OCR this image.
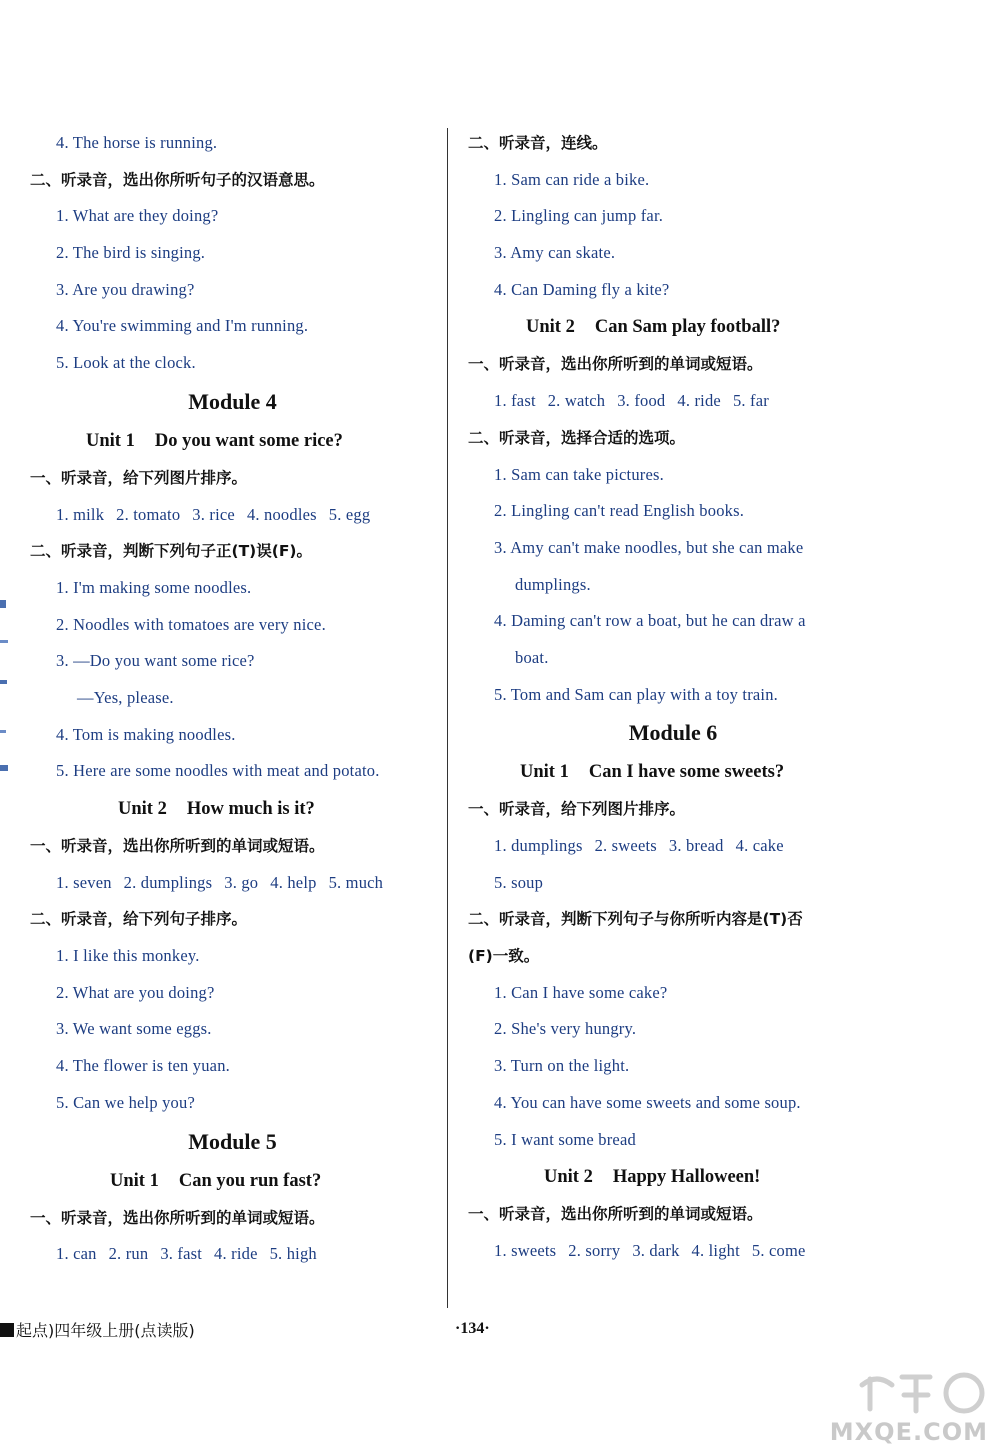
4. The horse is running.
二、听录音，选出你所听句子的汉语意思。
1. What are they doing?
2. The bird is singing.
3. Are you drawing?
4. You're swimming and I'm running.
5. Look at the clock.
Module 4
Unit 1 Do you want some rice?
一、听录音，给下列图片排序。
1. milk 2. tomato 3. rice 4. noodles 5. egg
二、听录音，判断下列句子正(T)误(F)。
1. I'm making some noodles.
2. Noodles with tomatoes are very nice.
3. —Do you want some rice?
—Yes, please.
4. Tom is making noodles.
5. Here are some noodles with meat and potato.
Unit 2 How much is it?
一、听录音，选出你所听到的单词或短语。
1. seven 2. dumplings 3. go 4. help 5. much
二、听录音，给下列句子排序。
1. I like this monkey.
2. What are you doing?
3. We want some eggs.
4. The flower is ten yuan.
5. Can we help you?
Module 5
Unit 1 Can you run fast?
一、听录音，选出你所听到的单词或短语。
1. can 2. run 3. fast 4. ride 5. high
二、听录音，连线。
1. Sam can ride a bike.
2. Lingling can jump far.
3. Amy can skate.
4. Can Daming fly a kite?
Unit 2 Can Sam play football?
一、听录音，选出你所听到的单词或短语。
1. fast 2. watch 3. food 4. ride 5. far
二、听录音，选择合适的选项。
1. Sam can take pictures.
2. Lingling can't read English books.
3. Amy can't make noodles, but she can make
dumplings.
4. Daming can't row a boat, but he can draw a
boat.
5. Tom and Sam can play with a toy train.
Module 6
Unit 1 Can I have some sweets?
一、听录音，给下列图片排序。
1. dumplings 2. sweets 3. bread 4. cake
5. soup
二、听录音，判断下列句子与你所听内容是(T)否
(F)一致。
1. Can I have some cake?
2. She's very hungry.
3. Turn on the light.
4. You can have some sweets and some soup.
5. I want some bread
Unit 2 Happy Halloween!
一、听录音，选出你所听到的单词或短语。
1. sweets 2. sorry 3. dark 4. light 5. come
起点)四年级上册(点读版)	·134·
MXQE.COM
